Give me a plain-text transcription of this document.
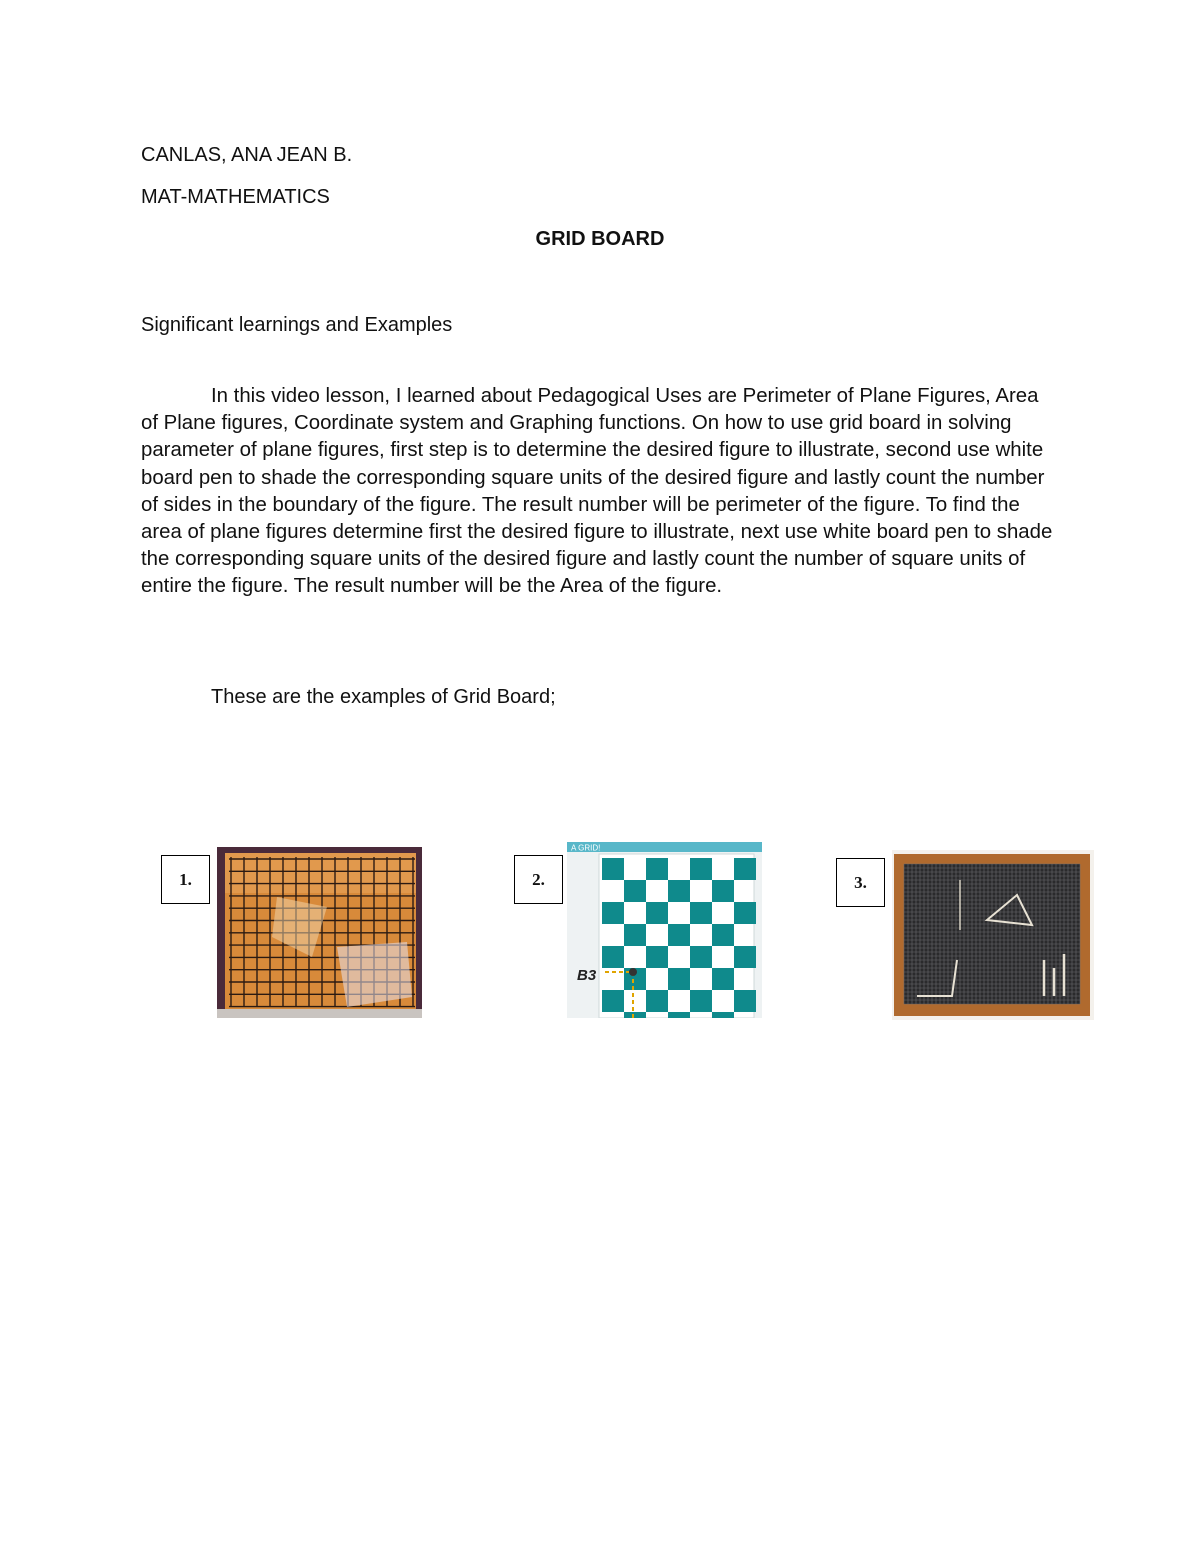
CANLAS, ANA JEAN B.

MAT-MATHEMATICS

GRID BOARD

Significant learnings and Examples

In this video lesson, I learned about Pedagogical Uses are Perimeter of Plane Figures, Area of Plane figures, Coordinate system and Graphing functions. On how to use grid board in solving parameter of plane figures, first step is to determine the desired figure to illustrate, second use white board pen to shade the corresponding square units of the desired figure and lastly count the number of sides in the boundary of the figure. The result number will be perimeter of the figure. To find the area of plane figures determine first the desired figure to illustrate, next use white board pen to shade the corresponding square units of the desired figure and lastly count the number of square units of entire the figure. The result number will be the Area of the figure.

These are the examples of Grid Board;

1.	2.
A GRID!
B3
3.
